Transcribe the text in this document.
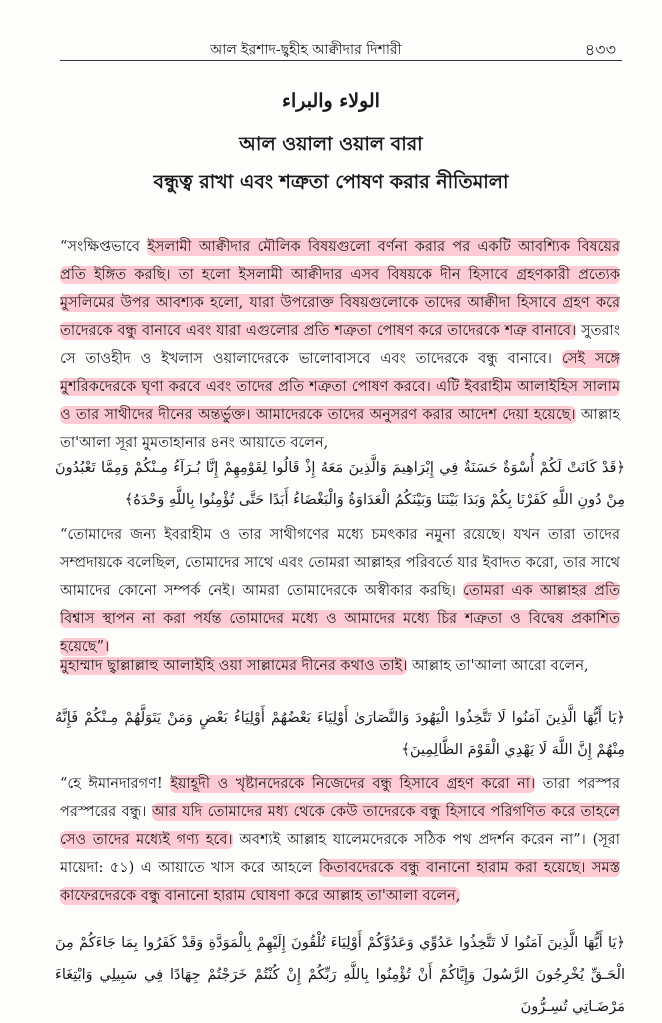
আল ইরশাদ-ছ্বহীহ আক্বীদার দিশারী	৪৩৩
الولاء والبراء
আল ওয়ালা ওয়াল বারা
বন্ধুত্ব রাখা এবং শত্রুতা পোষণ করার নীতিমালা

“সংক্ষিপ্তভাবে ইসলামী আক্বীদার মৌলিক বিষয়গুলো বর্ণনা করার পর একটি আবশ্যিক বিষয়ের প্রতি ইঙ্গিত করছি। তা হলো ইসলামী আক্বীদার এসব বিষয়কে দীন হিসাবে গ্রহণকারী প্রত্যেক মুসলিমের উপর আবশ্যক হলো, যারা উপরোক্ত বিষয়গুলোকে তাদের আক্বীদা হিসাবে গ্রহণ করে তাদেরকে বন্ধু বানাবে এবং যারা এগুলোর প্রতি শত্রুতা পোষণ করে তাদেরকে শত্রু বানাবে। সুতরাং সে তাওহীদ ও ইখলাস ওয়ালাদেরকে ভালোবাসবে এবং তাদেরকে বন্ধু বানাবে। সেই সঙ্গে মুশরিকদেরকে ঘৃণা করবে এবং তাদের প্রতি শত্রুতা পোষণ করবে। এটি ইবরাহীম আলাইহিস সালাম ও তার সাথীদের দীনের অন্তর্ভুক্ত। আমাদেরকে তাদের অনুসরণ করার আদেশ দেয়া হয়েছে। আল্লাহ তা'আলা সূরা মুমতাহানার ৪নং আয়াতে বলেন,

﴿قَدْ كَانَتْ لَكُمْ أُسْوَةٌ حَسَنَةٌ فِي إِبْرَاهِيمَ وَالَّذِينَ مَعَهُ إِذْ قَالُوا لِقَوْمِهِمْ إِنَّا بُـرَآءُ مِـنْكُمْ وَمِمَّا تَعْبُدُونَ مِنْ دُونِ اللَّهِ كَفَرْنَا بِكُمْ وَبَدَا بَيْنَنَا وَبَيْنَكُمُ الْعَدَاوَةُ وَالْبَغْضَاءُ أَبَدًا حَتَّى تُؤْمِنُوا بِاللَّهِ وَحْدَهُ﴾

“তোমাদের জন্য ইবরাহীম ও তার সাথীগণের মধ্যে চমৎকার নমুনা রয়েছে। যখন তারা তাদের সম্প্রদায়কে বলেছিল, তোমাদের সাথে এবং তোমরা আল্লাহর পরিবর্তে যার ইবাদত করো, তার সাথে আমাদের কোনো সম্পর্ক নেই। আমরা তোমাদেরকে অস্বীকার করছি। তোমরা এক আল্লাহর প্রতি বিশ্বাস স্থাপন না করা পর্যন্ত তোমাদের মধ্যে ও আমাদের মধ্যে চির শত্রুতা ও বিদ্বেষ প্রকাশিত হয়েছে”।

মুহাম্মাদ ছ্বাল্লাল্লাহু আলাইহি ওয়া সাল্লামের দীনের কথাও তাই। আল্লাহ তা'আলা আরো বলেন,

﴿يَا أَيُّهَا الَّذِينَ آمَنُوا لَا تَتَّخِذُوا الْيَهُودَ وَالنَّصَارَىٰ أَوْلِيَاءَ بَعْضُهُمْ أَوْلِيَاءُ بَعْضٍ وَمَنْ يَتَوَلَّهُمْ مِـنْكُمْ فَإِنَّهُ مِنْهُمْ إِنَّ اللَّهَ لَا يَهْدِي الْقَوْمَ الظَّالِمِينَ﴾

“হে ঈমানদারগণ! ইয়াহূদী ও খৃষ্টানদেরকে নিজেদের বন্ধু হিসাবে গ্রহণ করো না। তারা পরস্পর পরস্পরের বন্ধু। আর যদি তোমাদের মধ্য থেকে কেউ তাদেরকে বন্ধু হিসাবে পরিগণিত করে তাহলে সেও তাদের মধ্যেই গণ্য হবে। অবশ্যই আল্লাহ যালেমদেরকে সঠিক পথ প্রদর্শন করেন না”। (সূরা মায়েদা: ৫১) এ আয়াতে খাস করে আহলে কিতাবদেরকে বন্ধু বানানো হারাম করা হয়েছে। সমস্ত কাফেরদেরকে বন্ধু বানানো হারাম ঘোষণা করে আল্লাহ তা'আলা বলেন,

﴿يَا أَيُّهَا الَّذِينَ آمَنُوا لَا تَتَّخِذُوا عَدُوِّي وَعَدُوَّكُمْ أَوْلِيَاءَ تُلْقُونَ إِلَيْهِمْ بِالْمَوَدَّةِ وَقَدْ كَفَرُوا بِمَا جَاءَكُمْ مِنَ الْحَـقِّ يُخْرِجُونَ الرَّسُولَ وَإِيَّاكُمْ أَنْ تُؤْمِنُوا بِاللَّهِ رَبِّكُمْ إِنْ كُنْتُمْ خَرَجْتُمْ جِهَادًا فِي سَبِيلِي وَابْتِغَاءَ مَرْضَـاتِي تُسِـرُّونَ
